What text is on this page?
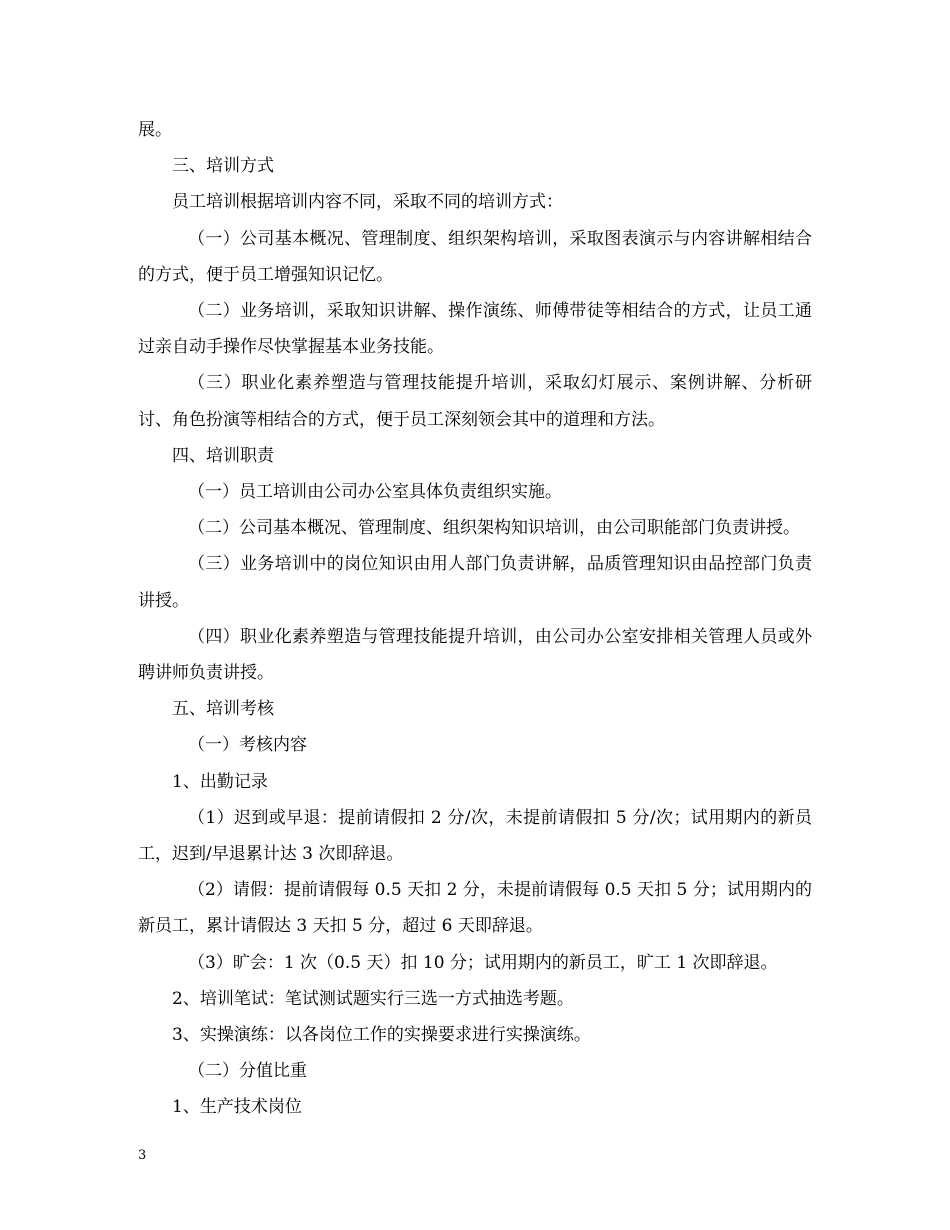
展。

三、培训方式

员工培训根据培训内容不同，采取不同的培训方式：

（一）公司基本概况、管理制度、组织架构培训，采取图表演示与内容讲解相结合的方式，便于员工增强知识记忆。

（二）业务培训，采取知识讲解、操作演练、师傅带徒等相结合的方式，让员工通过亲自动手操作尽快掌握基本业务技能。

（三）职业化素养塑造与管理技能提升培训，采取幻灯展示、案例讲解、分析研讨、角色扮演等相结合的方式，便于员工深刻领会其中的道理和方法。

四、培训职责

（一）员工培训由公司办公室具体负责组织实施。

（二）公司基本概况、管理制度、组织架构知识培训，由公司职能部门负责讲授。

（三）业务培训中的岗位知识由用人部门负责讲解，品质管理知识由品控部门负责讲授。

（四）职业化素养塑造与管理技能提升培训，由公司办公室安排相关管理人员或外聘讲师负责讲授。

五、培训考核

（一）考核内容

1、出勤记录

（1）迟到或早退：提前请假扣 2 分/次，未提前请假扣 5 分/次；试用期内的新员工，迟到/早退累计达 3 次即辞退。

（2）请假：提前请假每 0.5 天扣 2 分，未提前请假每 0.5 天扣 5 分；试用期内的新员工，累计请假达 3 天扣 5 分，超过 6 天即辞退。

（3）旷会：1 次（0.5 天）扣 10 分；试用期内的新员工，旷工 1 次即辞退。

2、培训笔试：笔试测试题实行三选一方式抽选考题。

3、实操演练：以各岗位工作的实操要求进行实操演练。

（二）分值比重

1、生产技术岗位

3
